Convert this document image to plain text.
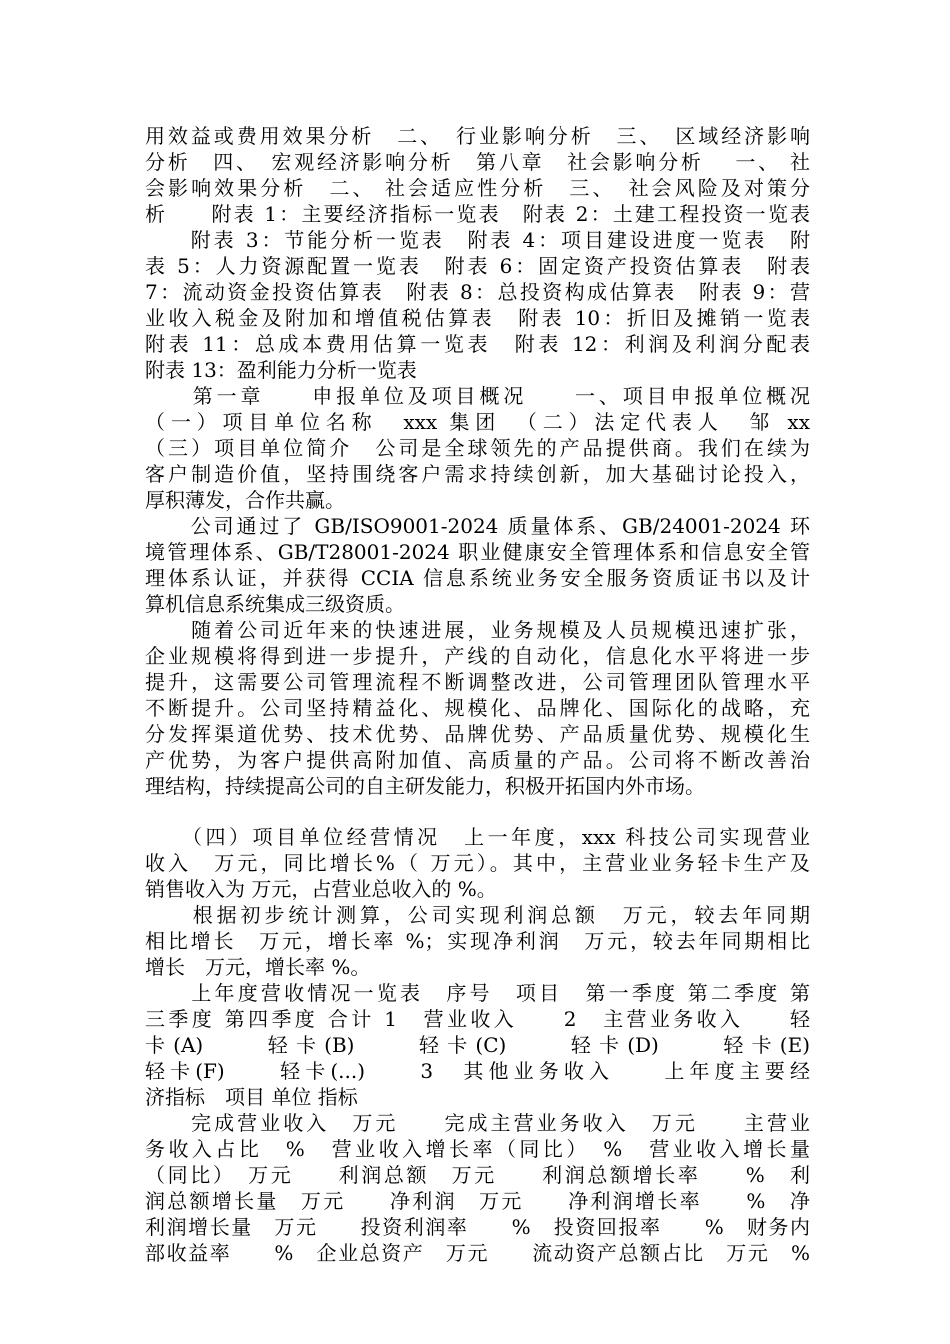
用效益或费用效果分析　二、　行业影响分析　三、　区域经济影响
分析　四、　宏观经济影响分析　第八章　社会影响分析　 一、 社
会影响效果分析　二、 社会适应性分析　三、　社会风险及对策分
析　　附表 1：主要经济指标一览表　附表 2：土建工程投资一览表
　　附表 3：节能分析一览表　附表 4：项目建设进度一览表　附
表 5：人力资源配置一览表　附表 6：固定资产投资估算表　附表
7：流动资金投资估算表　附表 8：总投资构成估算表　附表 9：营
业收入税金及附加和增值税估算表　附表 10：折旧及摊销一览表
附表 11：总成本费用估算一览表　附表 12：利润及利润分配表
附表 13：盈利能力分析一览表
　　第一章　　申报单位及项目概况　　一、项目申报单位概况
（一）项目单位名称　xxx 集团　（二）法定代表人　邹 xx
（三）项目单位简介　公司是全球领先的产品提供商。我们在续为
客户制造价值，坚持围绕客户需求持续创新，加大基础讨论投入，
厚积薄发，合作共赢。
　　公司通过了 GB/ISO9001-2024 质量体系、GB/24001-2024 环
境管理体系、GB/T28001-2024 职业健康安全管理体系和信息安全管
理体系认证，并获得 CCIA 信息系统业务安全服务资质证书以及计
算机信息系统集成三级资质。
　　随着公司近年来的快速进展，业务规模及人员规模迅速扩张，
企业规模将得到进一步提升，产线的自动化，信息化水平将进一步
提升，这需要公司管理流程不断调整改进，公司管理团队管理水平
不断提升。公司坚持精益化、规模化、品牌化、国际化的战略，充
分发挥渠道优势、技术优势、品牌优势、产品质量优势、规模化生
产优势，为客户提供高附加值、高质量的产品。公司将不断改善治
理结构，持续提高公司的自主研发能力，积极开拓国内外市场。
　　（四）项目单位经营情况　上一年度，xxx 科技公司实现营业
收入　万元，同比增长%（ 万元）。其中，主营业业务轻卡生产及
销售收入为 万元，占营业总收入的 %。
　　根据初步统计测算，公司实现利润总额　万元，较去年同期
相比增长　万元，增长率 %；实现净利润　万元，较去年同期相比
增长　万元，增长率 %。
　　上年度营收情况一览表　序号　项目　第一季度 第二季度 第
三季度 第四季度 合计 1　营业收入　　2　主营业务收入　　轻
卡(A)　　轻卡(B)　　轻卡(C)　　轻卡(D)　　轻卡(E)
轻卡(F)　　轻卡(...)　　3　其他业务收入　　上年度主要经
济指标　项目 单位 指标
　　完成营业收入　万元　　完成主营业务收入　万元　　主营业
务收入占比　%　营业收入增长率（同比）　%　营业收入增长量
（同比）　万元　　利润总额　万元　　利润总额增长率　　%　利
润总额增长量　万元　　净利润　万元　　净利润增长率　　%　净
利润增长量　万元　　投资利润率　　%　投资回报率　　%　财务内
部收益率　　%　企业总资产　万元　　流动资产总额占比　万元　%
